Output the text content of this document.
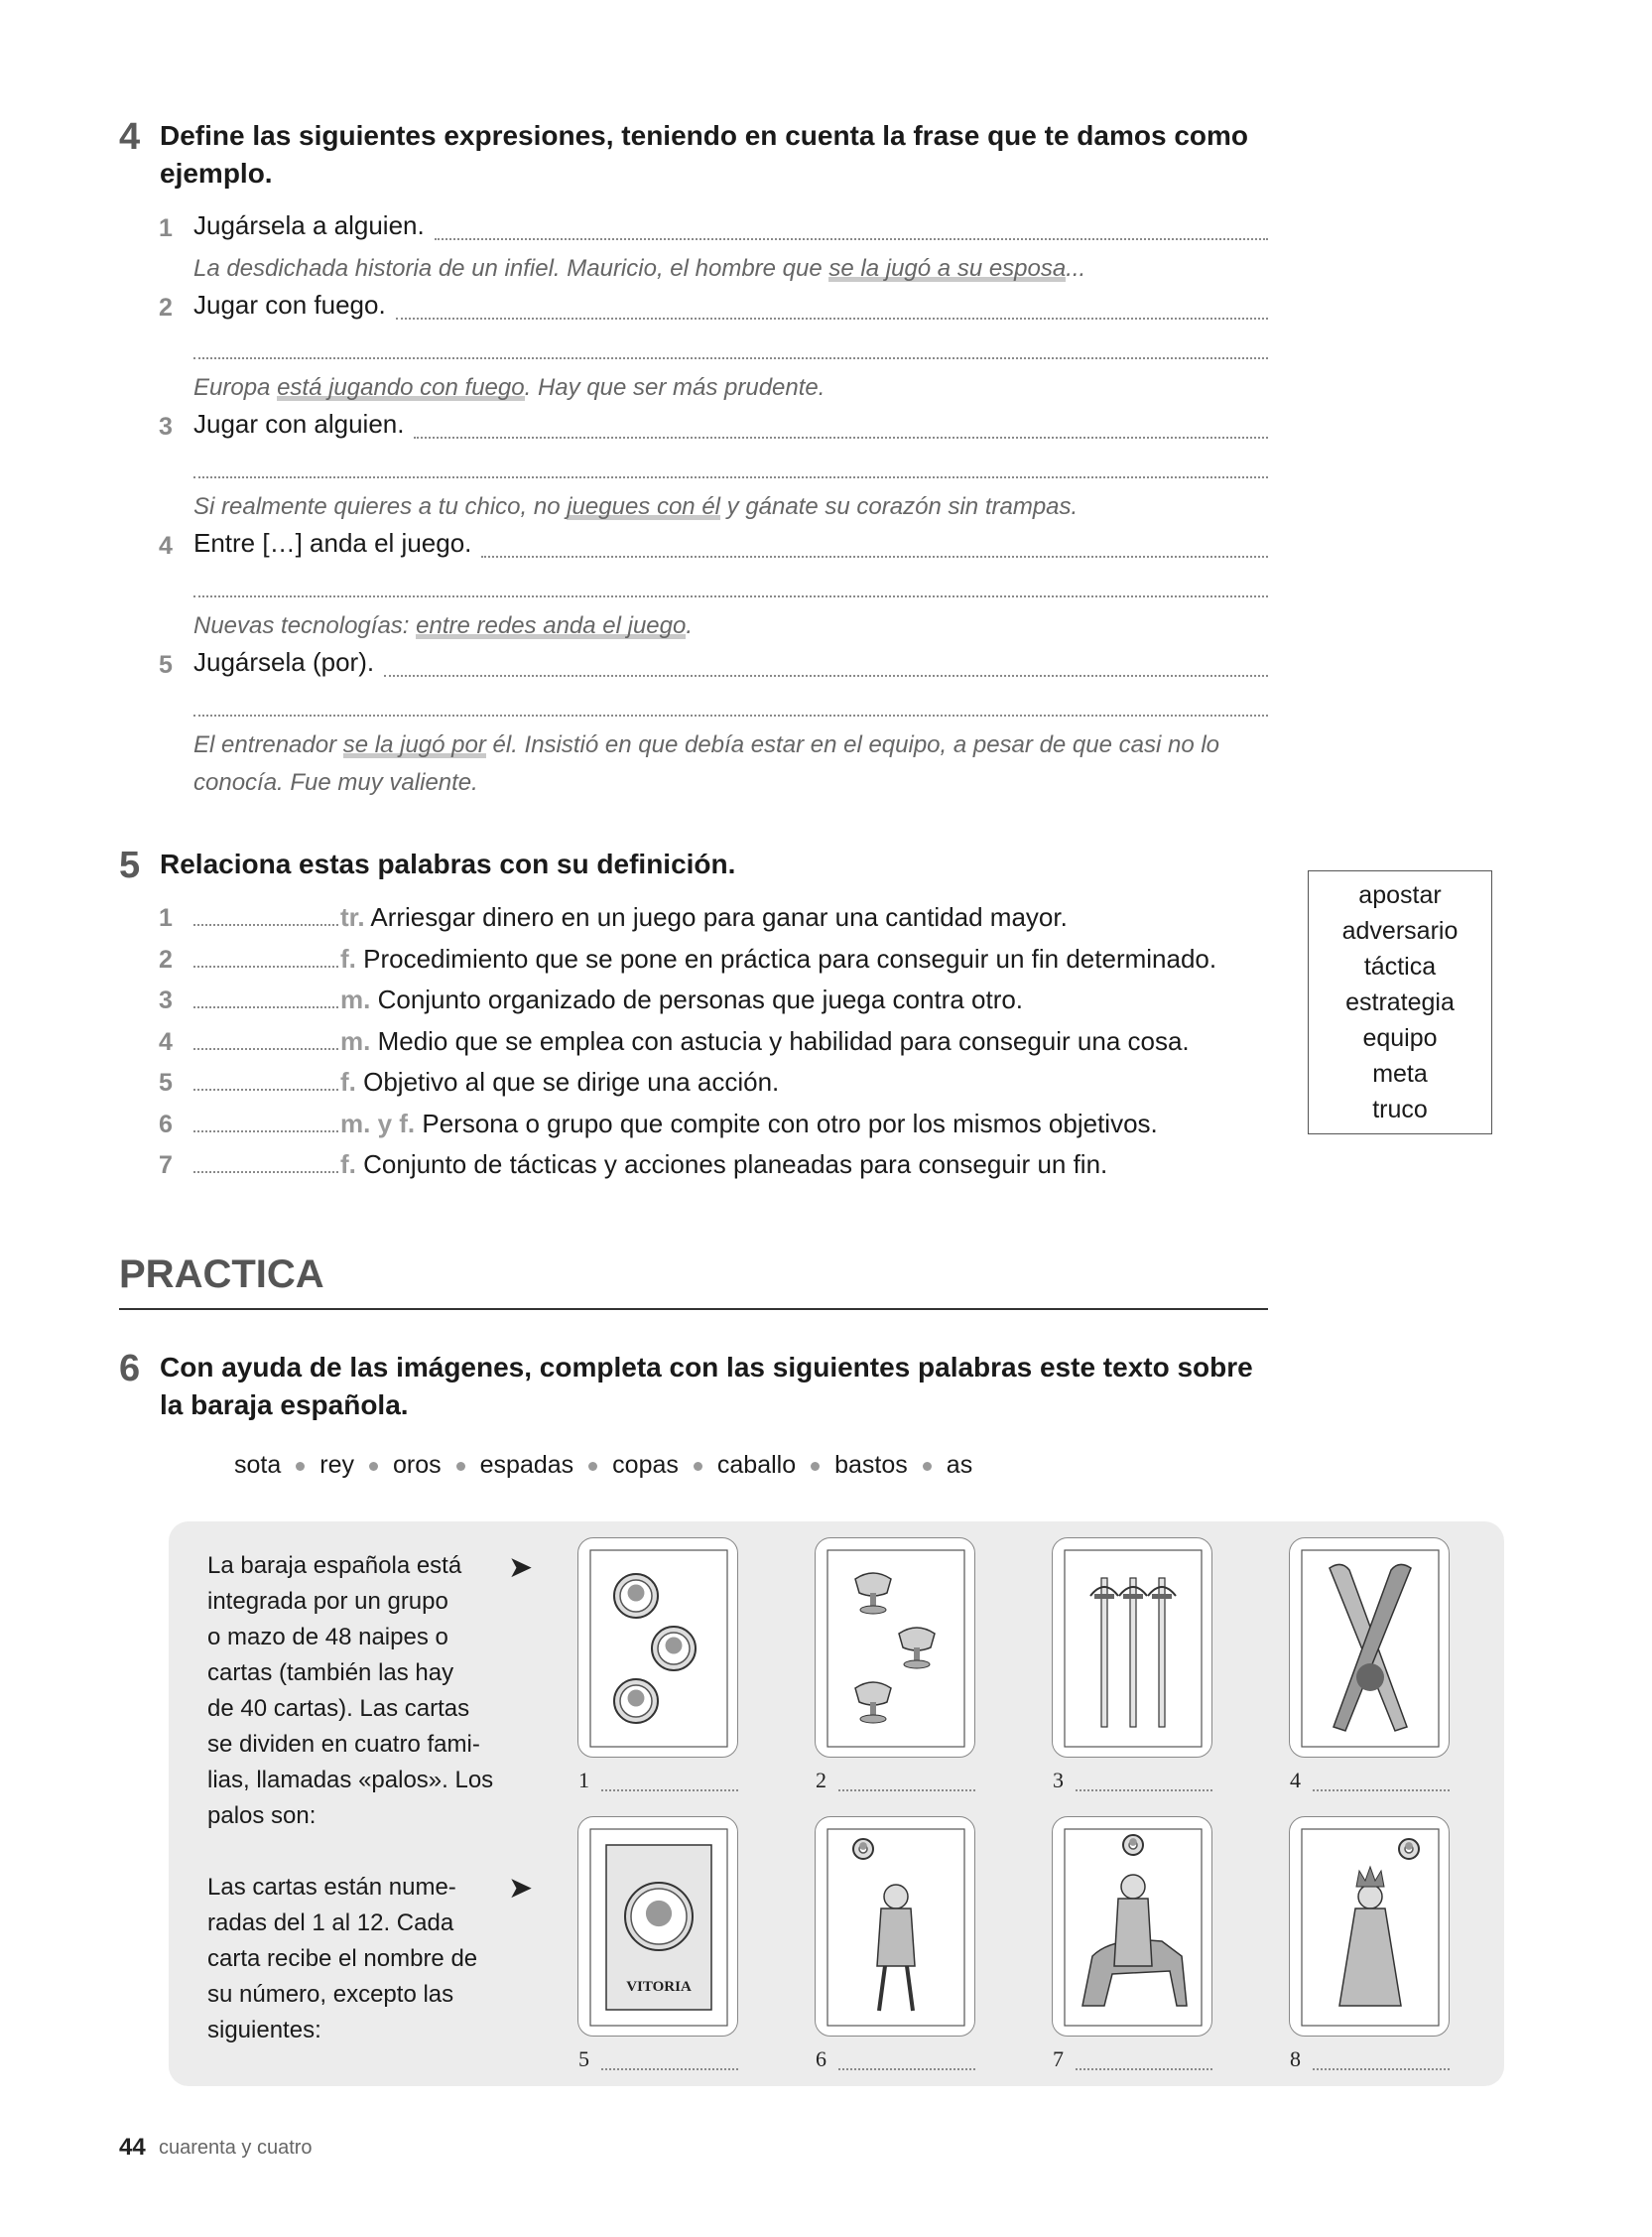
4 Define las siguientes expresiones, teniendo en cuenta la frase que te damos como
ejemplo.
1 Jugársela a alguien.
La desdichada historia de un infiel. Mauricio, el hombre que se la jugó a su esposa...
2 Jugar con fuego.
Europa está jugando con fuego. Hay que ser más prudente.
3 Jugar con alguien.
Si realmente quieres a tu chico, no juegues con él y gánate su corazón sin trampas.
4 Entre […] anda el juego.
Nuevas tecnologías: entre redes anda el juego.
5 Jugársela (por).
El entrenador se la jugó por él. Insistió en que debía estar en el equipo, a pesar de que casi no lo
conocía. Fue muy valiente.
5 Relaciona estas palabras con su definición.
1	tr. Arriesgar dinero en un juego para ganar una cantidad mayor.
2	f. Procedimiento que se pone en práctica para conseguir un fin determinado.
3	m. Conjunto organizado de personas que juega contra otro.
4	m. Medio que se emplea con astucia y habilidad para conseguir una cosa.
5	f. Objetivo al que se dirige una acción.
6	m. y f. Persona o grupo que compite con otro por los mismos objetivos.
7	f. Conjunto de tácticas y acciones planeadas para conseguir un fin.
apostar
adversario
táctica
estrategia
equipo
meta
truco
PRACTICA
6 Con ayuda de las imágenes, completa con las siguientes palabras este texto sobre
la baraja española.
sota rey oros espadas copas caballo bastos as
La baraja española está
integrada por un grupo
o mazo de 48 naipes o
cartas (también las hay
de 40 cartas). Las cartas
se dividen en cuatro fami-
lias, llamadas «palos». Los
palos son:
Las cartas están nume-
radas del 1 al 12. Cada
carta recibe el nombre de
su número, excepto las
siguientes:
➤
➤
1	2	3	4
VITORIA
5	6	7	8
44 cuarenta y cuatro
